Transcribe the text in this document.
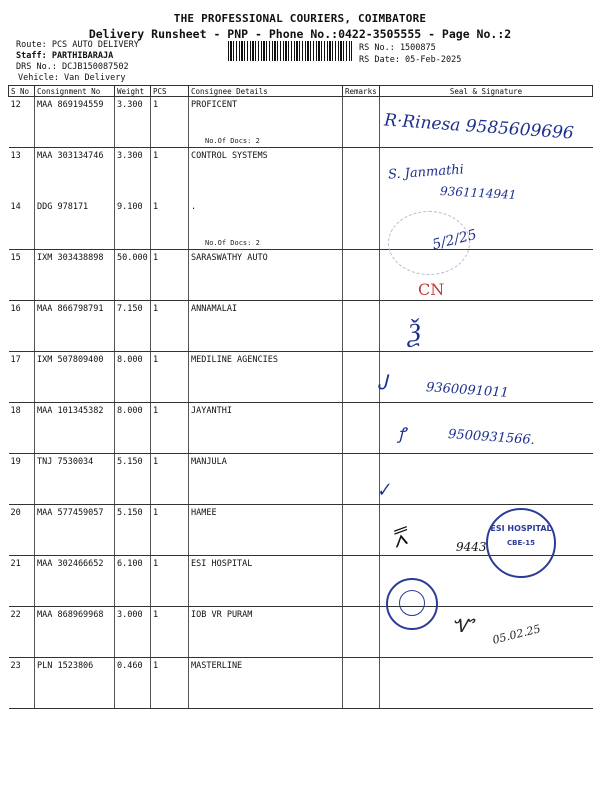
THE PROFESSIONAL COURIERS, COIMBATORE
Delivery Runsheet - PNP - Phone No.:0422-3505555 - Page No.:2
Route: PCS AUTO DELIVERY
Staff: PARTHIBARAJA
DRS No.: DCJB150087502
Vehicle: Van Delivery
RS No.: 1500875
RS Date: 05-Feb-2025
S No	Consignment No	Weight	PCS	Consignee Details	Remarks	Seal & Signature
12	MAA 869194559	3.300	1	PROFICENT
No.Of Docs: 2		

13	MAA 303134746	3.300	1	CONTROL SYSTEMS

14	DDG 978171	9.100	1	.
No.Of Docs: 2		

15	IXM 303438898	50.000	1	SARASWATHY AUTO

16	MAA 866798791	7.150	1	ANNAMALAI

17	IXM 507809400	8.000	1	MEDILINE AGENCIES

18	MAA 101345382	8.000	1	JAYANTHI

19	TNJ 7530034	5.150	1	MANJULA

20	MAA 577459057	5.150	1	HAMEE

21	MAA 302466652	6.100	1	ESI HOSPITAL

22	MAA 868969968	3.000	1	IOB VR PURAM

23	PLN 1523806	0.460	1	MASTERLINE

R·Rinesa 9585609696
S. Janmathi
9361114941
5/2/25
CN
Ѯ
Ꭻ	9360091011
ꝭ	9500931566.
✓
⩞	9443
ESI HOSPITAL
CBE-15
Ꮙ 05.02.25
